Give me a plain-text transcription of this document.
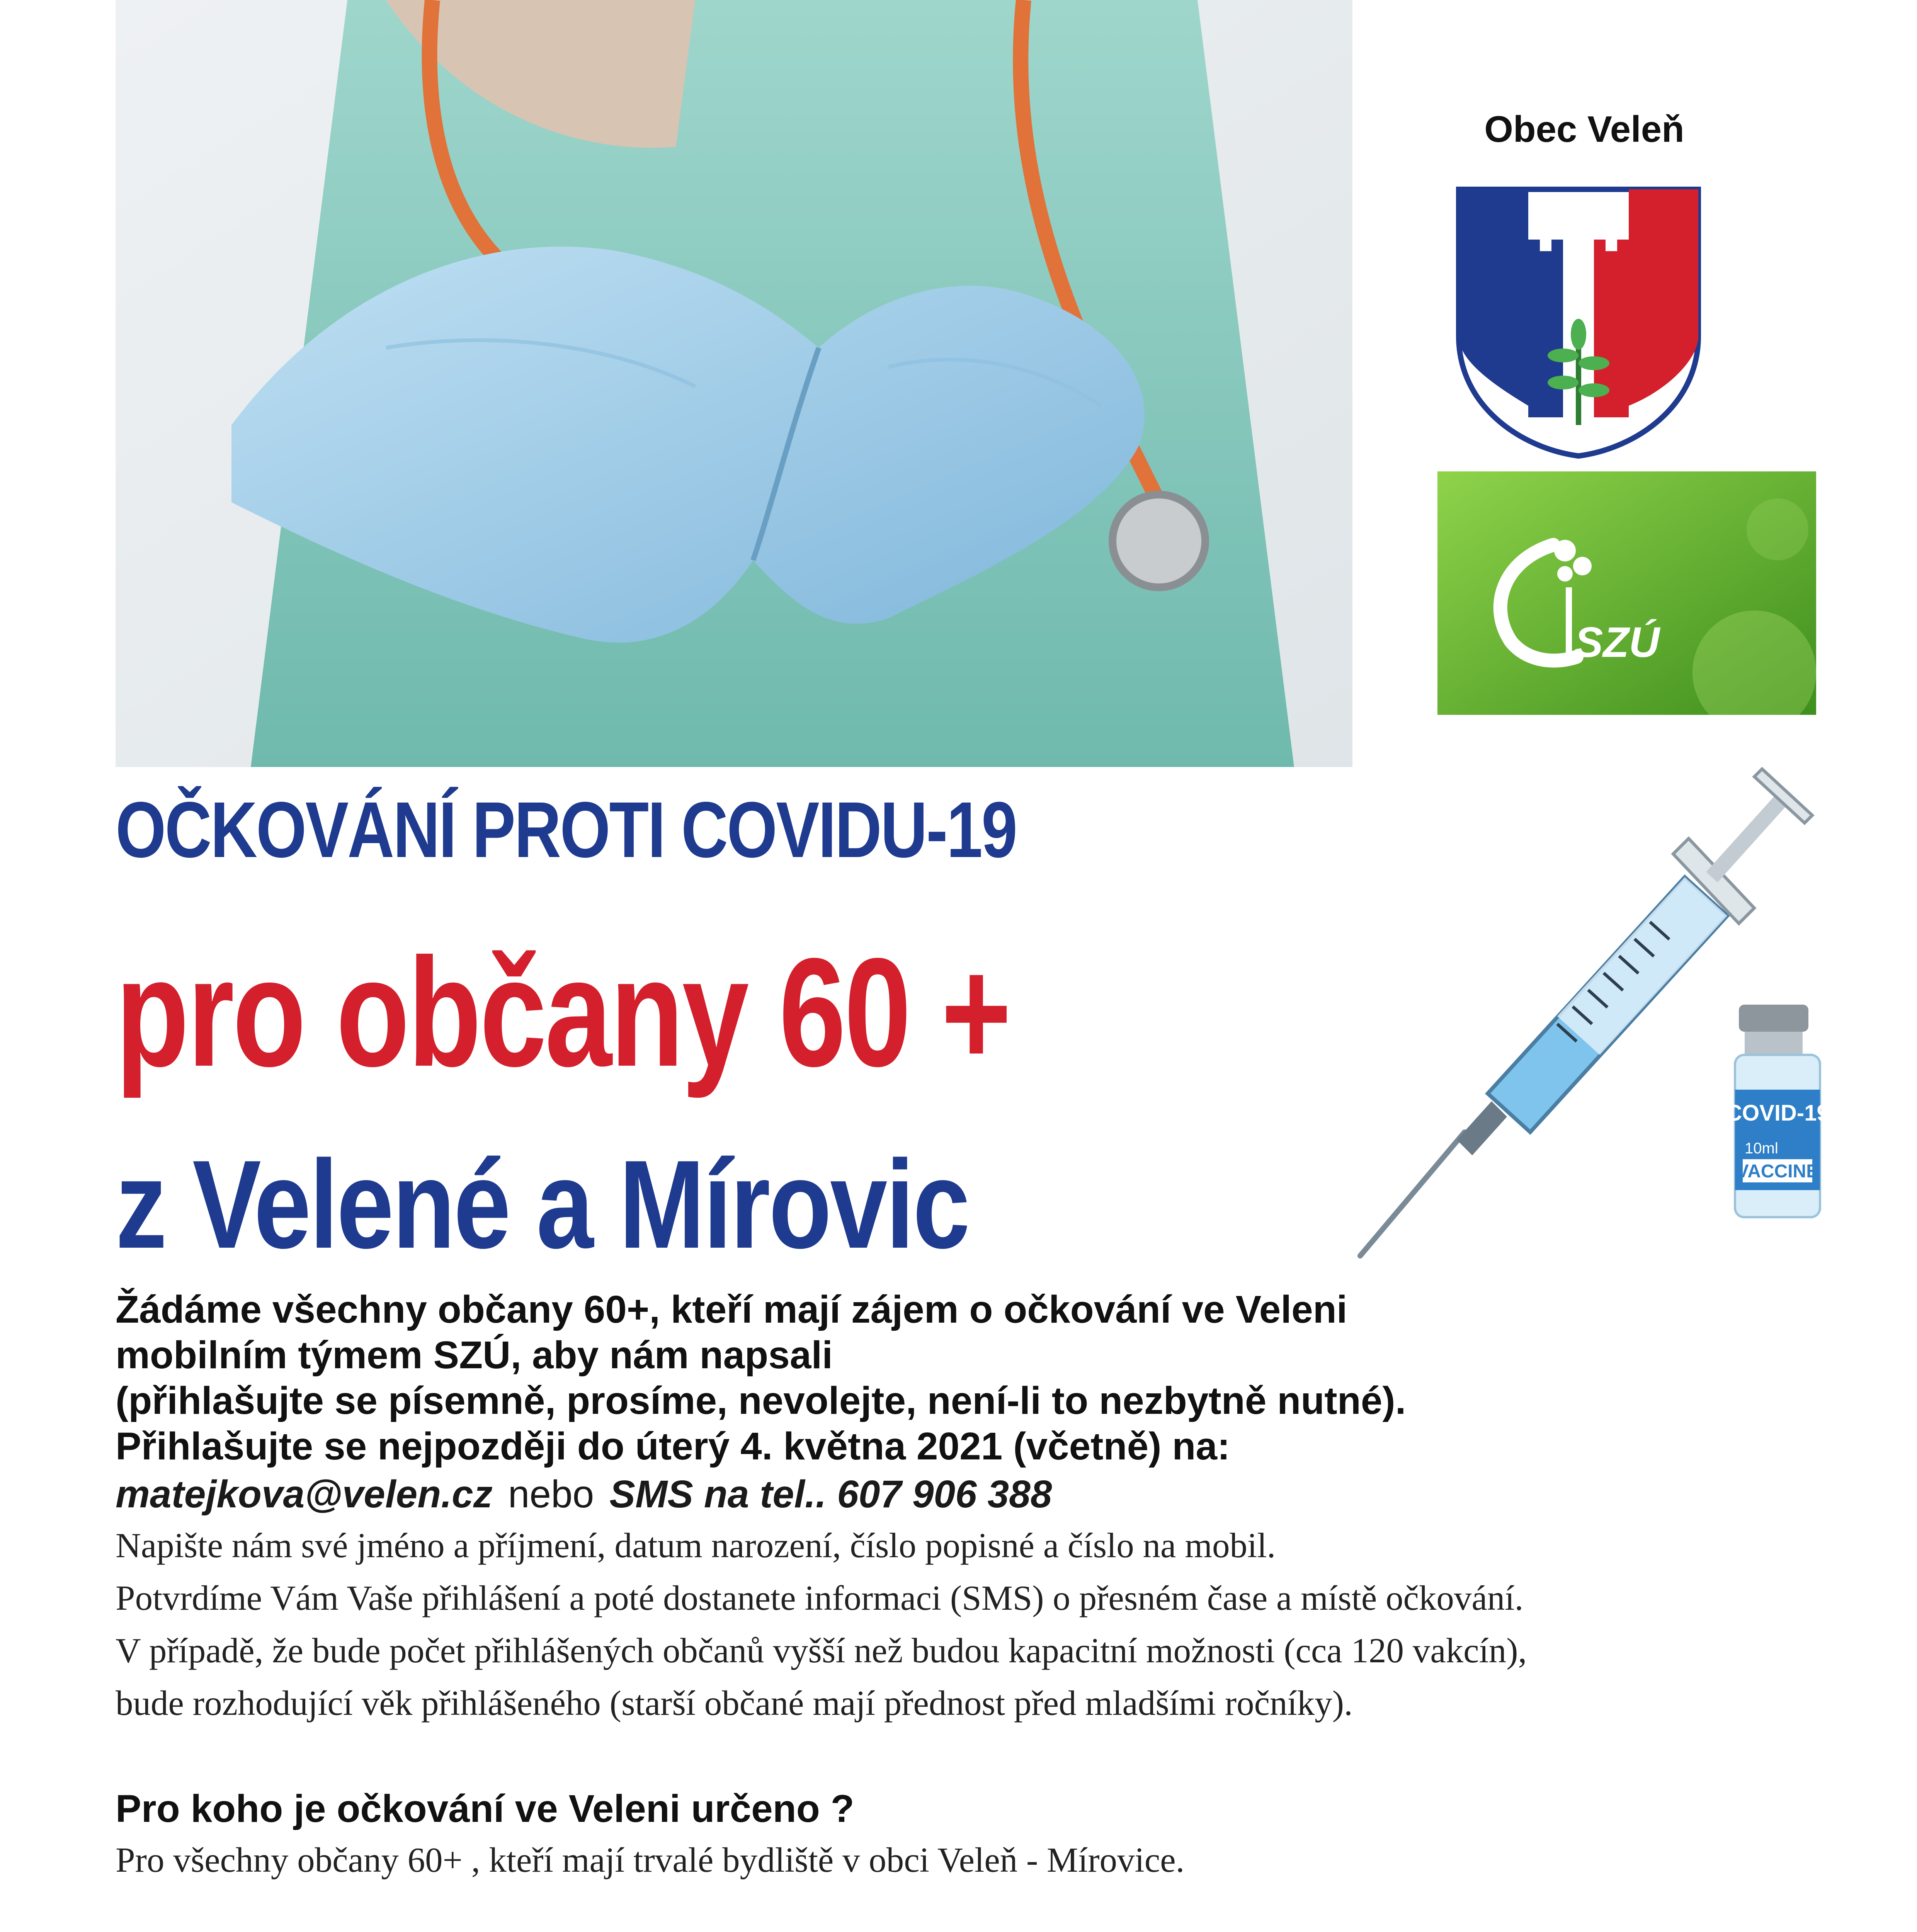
Obec Veleň
SZÚ
OČKOVÁNÍ PROTI COVIDU-19
pro občany 60 +
z Velené a Mírovic
COVID-19
10ml
VACCINE
Žádáme všechny občany 60+, kteří mají zájem o očkování ve Veleni
mobilním týmem SZÚ, aby nám napsali
(přihlašujte se písemně, prosíme, nevolejte, není-li to nezbytně nutné).
Přihlašujte se nejpozději do úterý 4. května 2021 (včetně) na:
matejkova@velen.cz nebo SMS na tel.. 607 906 388
Napište nám své jméno a příjmení, datum narození, číslo popisné a číslo na mobil.
Potvrdíme Vám Vaše přihlášení a poté dostanete informaci (SMS) o přesném čase a místě očkování.
V případě, že bude počet přihlášených občanů vyšší než budou kapacitní možnosti (cca 120 vakcín),
bude rozhodující věk přihlášeného (starší občané mají přednost před mladšími ročníky).
Pro koho je očkování ve Veleni určeno ?
Pro všechny občany 60+ , kteří mají trvalé bydliště v obci Veleň - Mírovice.
